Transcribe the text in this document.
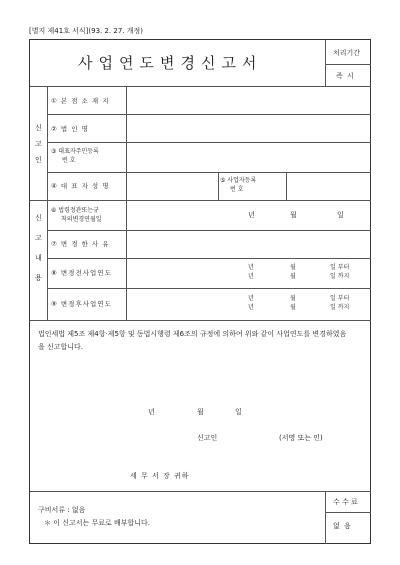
[별지 제41호 서식](93. 2. 27. 개정)
사업연도변경신고서
처리기간
즉 시
신
고
인
① 본 점 소 재 지
② 법 인 명
③ 대표자주민등록
번 호
④ 대 표 자 성 명
⑤ 사업자등록
번 호
신
고
내
용
⑥ 법령정관또는규
칙의변경연월일
년	월	일
⑦ 변 경 한 사 유
⑧ 변경전사업연도
년	월	일 부터
년	월	일 까지
⑨ 변경후사업연도
년	월	일 부터
년	월	일 까지
법인세법 제5조 제4항·제5항 및 동법시행령 제6조의 규정에 의하여 위와 같이 사업연도를 변경하였음을 신고합니다.
년	월	일
신고인	(서명 또는 인)
세 무 서 장 귀하
수 수 료
없 음
구비서류 : 없음
＊ 이 신고서는 무료로 배부합니다.
